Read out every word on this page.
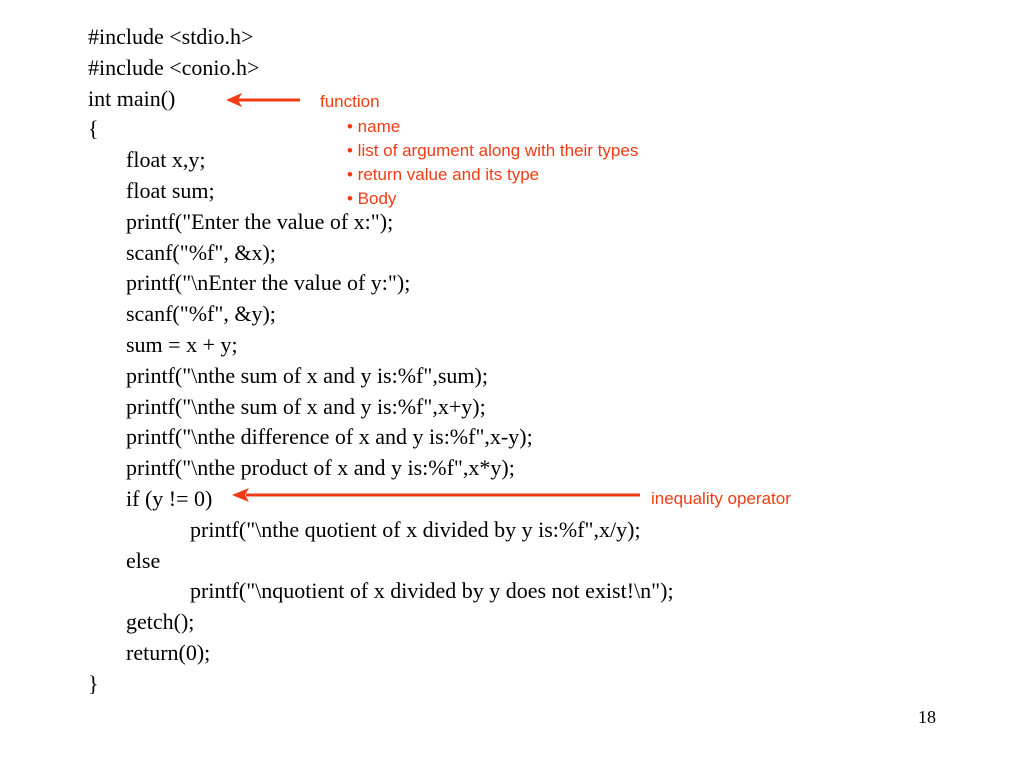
#include <stdio.h>
#include <conio.h>
int main()
{
float x,y;
float sum;
printf("Enter the value of x:");
scanf("%f", &x);
printf("\nEnter the value of y:");
scanf("%f", &y);
sum = x + y;
printf("\nthe sum of x and y is:%f",sum);
printf("\nthe sum of x and y is:%f",x+y);
printf("\nthe difference of x and y is:%f",x-y);
printf("\nthe product of x and y is:%f",x*y);
if (y != 0)
printf("\nthe quotient of x divided by y is:%f",x/y);
else
printf("\nquotient of x divided by y does not exist!\n");
getch();
return(0);
}
function
• name
• list of argument along with their types
• return value and its type
• Body
inequality operator
18
